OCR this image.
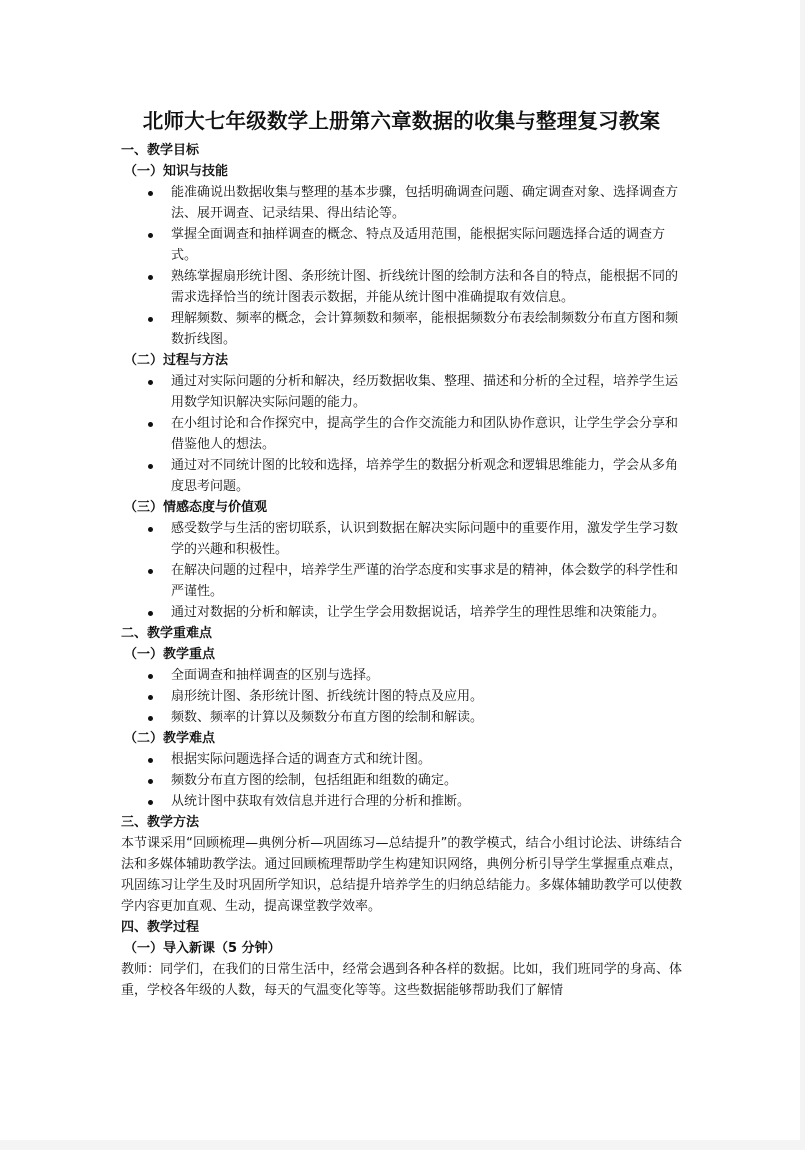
北师大七年级数学上册第六章数据的收集与整理复习教案
一、教学目标
（一）知识与技能
能准确说出数据收集与整理的基本步骤，包括明确调查问题、确定调查对象、选择调查方法、展开调查、记录结果、得出结论等。
掌握全面调查和抽样调查的概念、特点及适用范围，能根据实际问题选择合适的调查方式。
熟练掌握扇形统计图、条形统计图、折线统计图的绘制方法和各自的特点，能根据不同的需求选择恰当的统计图表示数据，并能从统计图中准确提取有效信息。
理解频数、频率的概念，会计算频数和频率，能根据频数分布表绘制频数分布直方图和频数折线图。
（二）过程与方法
通过对实际问题的分析和解决，经历数据收集、整理、描述和分析的全过程，培养学生运用数学知识解决实际问题的能力。
在小组讨论和合作探究中，提高学生的合作交流能力和团队协作意识，让学生学会分享和借鉴他人的想法。
通过对不同统计图的比较和选择，培养学生的数据分析观念和逻辑思维能力，学会从多角度思考问题。
（三）情感态度与价值观
感受数学与生活的密切联系，认识到数据在解决实际问题中的重要作用，激发学生学习数学的兴趣和积极性。
在解决问题的过程中，培养学生严谨的治学态度和实事求是的精神，体会数学的科学性和严谨性。
通过对数据的分析和解读，让学生学会用数据说话，培养学生的理性思维和决策能力。
二、教学重难点
（一）教学重点
全面调查和抽样调查的区别与选择。
扇形统计图、条形统计图、折线统计图的特点及应用。
频数、频率的计算以及频数分布直方图的绘制和解读。
（二）教学难点
根据实际问题选择合适的调查方式和统计图。
频数分布直方图的绘制，包括组距和组数的确定。
从统计图中获取有效信息并进行合理的分析和推断。
三、教学方法

本节课采用“回顾梳理—典例分析—巩固练习—总结提升”的教学模式，结合小组讨论法、讲练结合法和多媒体辅助教学法。通过回顾梳理帮助学生构建知识网络，典例分析引导学生掌握重点难点，巩固练习让学生及时巩固所学知识，总结提升培养学生的归纳总结能力。多媒体辅助教学可以使教学内容更加直观、生动，提高课堂教学效率。

四、教学过程
（一）导入新课（5 分钟）

教师：同学们，在我们的日常生活中，经常会遇到各种各样的数据。比如，我们班同学的身高、体重，学校各年级的人数，每天的气温变化等等。这些数据能够帮助我们了解情
